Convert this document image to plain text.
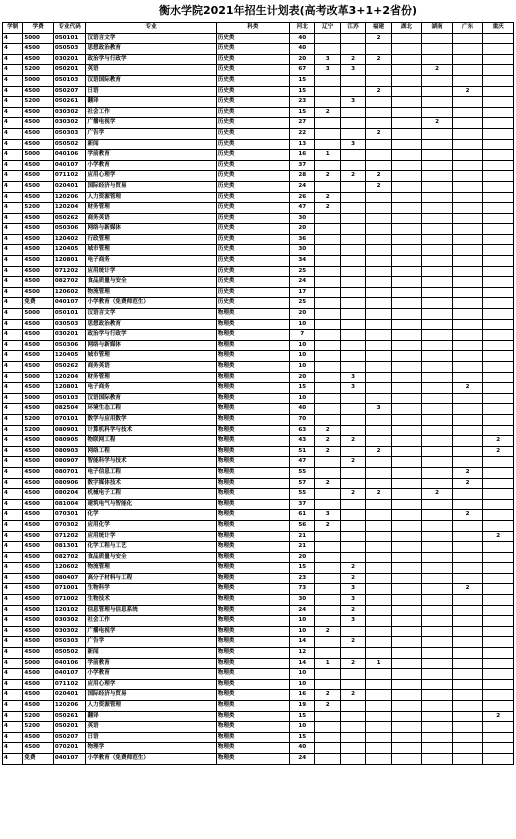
衡水学院2021年招生计划表(高考改革3+1+2省份)
学制	学费	专业代码	专业	科类	河北	辽宁	江苏	福建	湖北	湖南	广东	重庆
4	5000	050101	汉语言文学	历史类	40			2				
4	4500	050503	思想政治教育	历史类	40							
4	4500	030201	政治学与行政学	历史类	20	3	2	2				
4	5200	050201	英语	历史类	67	3	3			2		
4	5000	050103	汉语国际教育	历史类	15							
4	4500	050207	日语	历史类	15			2			2	
4	5200	050261	翻译	历史类	23		3					
4	4500	030302	社会工作	历史类	15	2						
4	4500	030302	广播电视学	历史类	27					2		
4	4500	050303	广告学	历史类	22			2				
4	4500	050502	新闻	历史类	13		3					
4	5000	040106	学前教育	历史类	16	1						
4	4500	040107	小学教育	历史类	37							
4	4500	071102	应用心理学	历史类	28	2	2	2				
4	4500	020401	国际经济与贸易	历史类	24			2				
4	4500	120206	人力资源管理	历史类	26	2						
4	5200	120204	财务管理	历史类	47	2						
4	4500	050262	商务英语	历史类	30							
4	4500	050306	网络与新媒体	历史类	20							
4	4500	120402	行政管理	历史类	36							
4	4500	120405	城市管理	历史类	30							
4	4500	120801	电子商务	历史类	34							
4	4500	071202	应用统计学	历史类	25							
4	4500	082702	食品质量与安全	历史类	24							
4	4500	120602	物流管理	历史类	17							
4	免费	040107	小学教育（免费师范生）	历史类	25							
4	5000	050101	汉语言文学	物理类	20							
4	4500	030503	思想政治教育	物理类	10							
4	4500	030201	政治学与行政学	物理类	7							
4	4500	050306	网络与新媒体	物理类	10							
4	4500	120405	城市管理	物理类	10							
4	4500	050262	商务英语	物理类	10							
4	5000	120204	财务管理	物理类	20		3					
4	4500	120801	电子商务	物理类	15		3				2	
4	5000	050103	汉语国际教育	物理类	10							
4	4500	082504	环境生态工程	物理类	40			3				
4	5200	070101	数学与应用数学	物理类	70							
4	5200	080901	计算机科学与技术	物理类	63	2						
4	4500	080905	物联网工程	物理类	43	2	2					2
4	4500	080903	网络工程	物理类	51	2		2				2
4	4500	080907	智能科学与技术	物理类	47		2					
4	4500	080701	电子信息工程	物理类	55						2	
4	4500	080906	数字媒体技术	物理类	57	2					2	
4	4500	080204	机械电子工程	物理类	55		2	2		2		
4	4500	081004	建筑电气与智能化	物理类	37							
4	4500	070301	化学	物理类	61	3					2	
4	4500	070302	应用化学	物理类	56	2						
4	4500	071202	应用统计学	物理类	21							2
4	4500	081301	化学工程与工艺	物理类	21							
4	4500	082702	食品质量与安全	物理类	20							
4	4500	120602	物流管理	物理类	15		2					
4	4500	080407	高分子材料与工程	物理类	23		2					
4	4500	071001	生物科学	物理类	73		3				2	
4	4500	071002	生物技术	物理类	30		3					
4	4500	120102	信息管理与信息系统	物理类	24		2					
4	4500	030302	社会工作	物理类	10		3					
4	4500	030302	广播电视学	物理类	10	2						
4	4500	050303	广告学	物理类	14		2					
4	4500	050502	新闻	物理类	12							
4	5000	040106	学前教育	物理类	14	1	2	1				
4	4500	040107	小学教育	物理类	10							
4	4500	071102	应用心理学	物理类	10							
4	4500	020401	国际经济与贸易	物理类	16	2	2					
4	4500	120206	人力资源管理	物理类	19	2						
4	5200	050261	翻译	物理类	15							2
4	5200	050201	英语	物理类	10							
4	4500	050207	日语	物理类	15							
4	4500	070201	物理学	物理类	40							
4	免费	040107	小学教育（免费师范生）	物理类	24							
